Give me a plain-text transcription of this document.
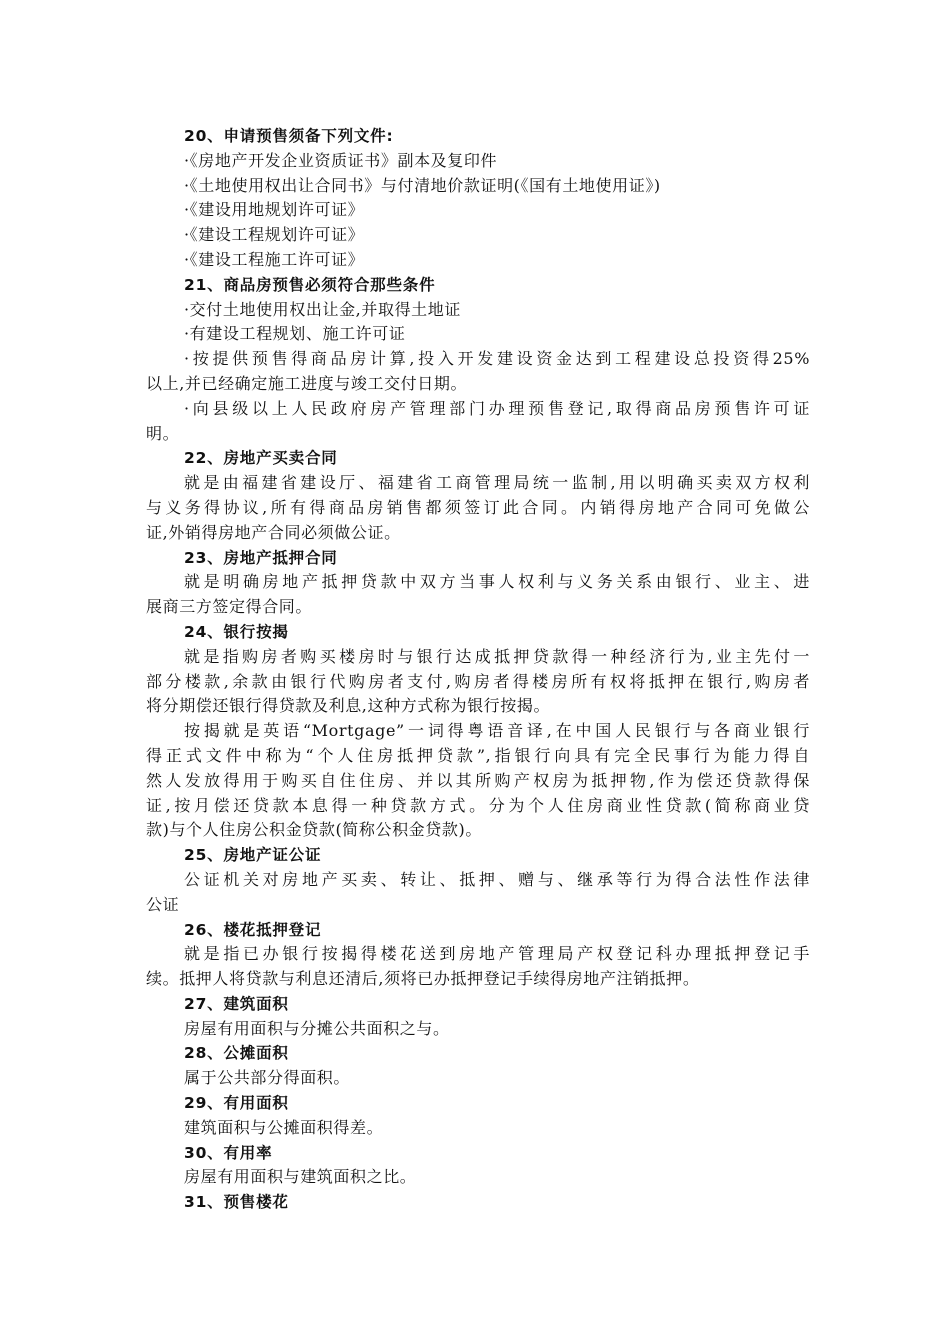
20、申请预售须备下列文件:
·《房地产开发企业资质证书》副本及复印件
·《土地使用权出让合同书》与付清地价款证明(《国有土地使用证》)
·《建设用地规划许可证》
·《建设工程规划许可证》
·《建设工程施工许可证》
21、商品房预售必须符合那些条件
·交付土地使用权出让金,并取得土地证
·有建设工程规划、施工许可证
·按提供预售得商品房计算,投入开发建设资金达到工程建设总投资得25%
以上,并已经确定施工进度与竣工交付日期。
·向县级以上人民政府房产管理部门办理预售登记,取得商品房预售许可证
明。
22、房地产买卖合同
就是由福建省建设厅、福建省工商管理局统一监制,用以明确买卖双方权利
与义务得协议,所有得商品房销售都须签订此合同。内销得房地产合同可免做公
证,外销得房地产合同必须做公证。
23、房地产抵押合同
就是明确房地产抵押贷款中双方当事人权利与义务关系由银行、业主、进
展商三方签定得合同。
24、银行按揭
就是指购房者购买楼房时与银行达成抵押贷款得一种经济行为,业主先付一
部分楼款,余款由银行代购房者支付,购房者得楼房所有权将抵押在银行,购房者
将分期偿还银行得贷款及利息,这种方式称为银行按揭。
按揭就是英语“Mortgage”一词得粤语音译,在中国人民银行与各商业银行
得正式文件中称为“个人住房抵押贷款”,指银行向具有完全民事行为能力得自
然人发放得用于购买自住住房、并以其所购产权房为抵押物,作为偿还贷款得保
证,按月偿还贷款本息得一种贷款方式。分为个人住房商业性贷款(简称商业贷
款)与个人住房公积金贷款(简称公积金贷款)。
25、房地产证公证
公证机关对房地产买卖、转让、抵押、赠与、继承等行为得合法性作法律
公证
26、楼花抵押登记
就是指已办银行按揭得楼花送到房地产管理局产权登记科办理抵押登记手
续。抵押人将贷款与利息还清后,须将已办抵押登记手续得房地产注销抵押。
27、建筑面积
房屋有用面积与分摊公共面积之与。
28、公摊面积
属于公共部分得面积。
29、有用面积
建筑面积与公摊面积得差。
30、有用率
房屋有用面积与建筑面积之比。
31、预售楼花
